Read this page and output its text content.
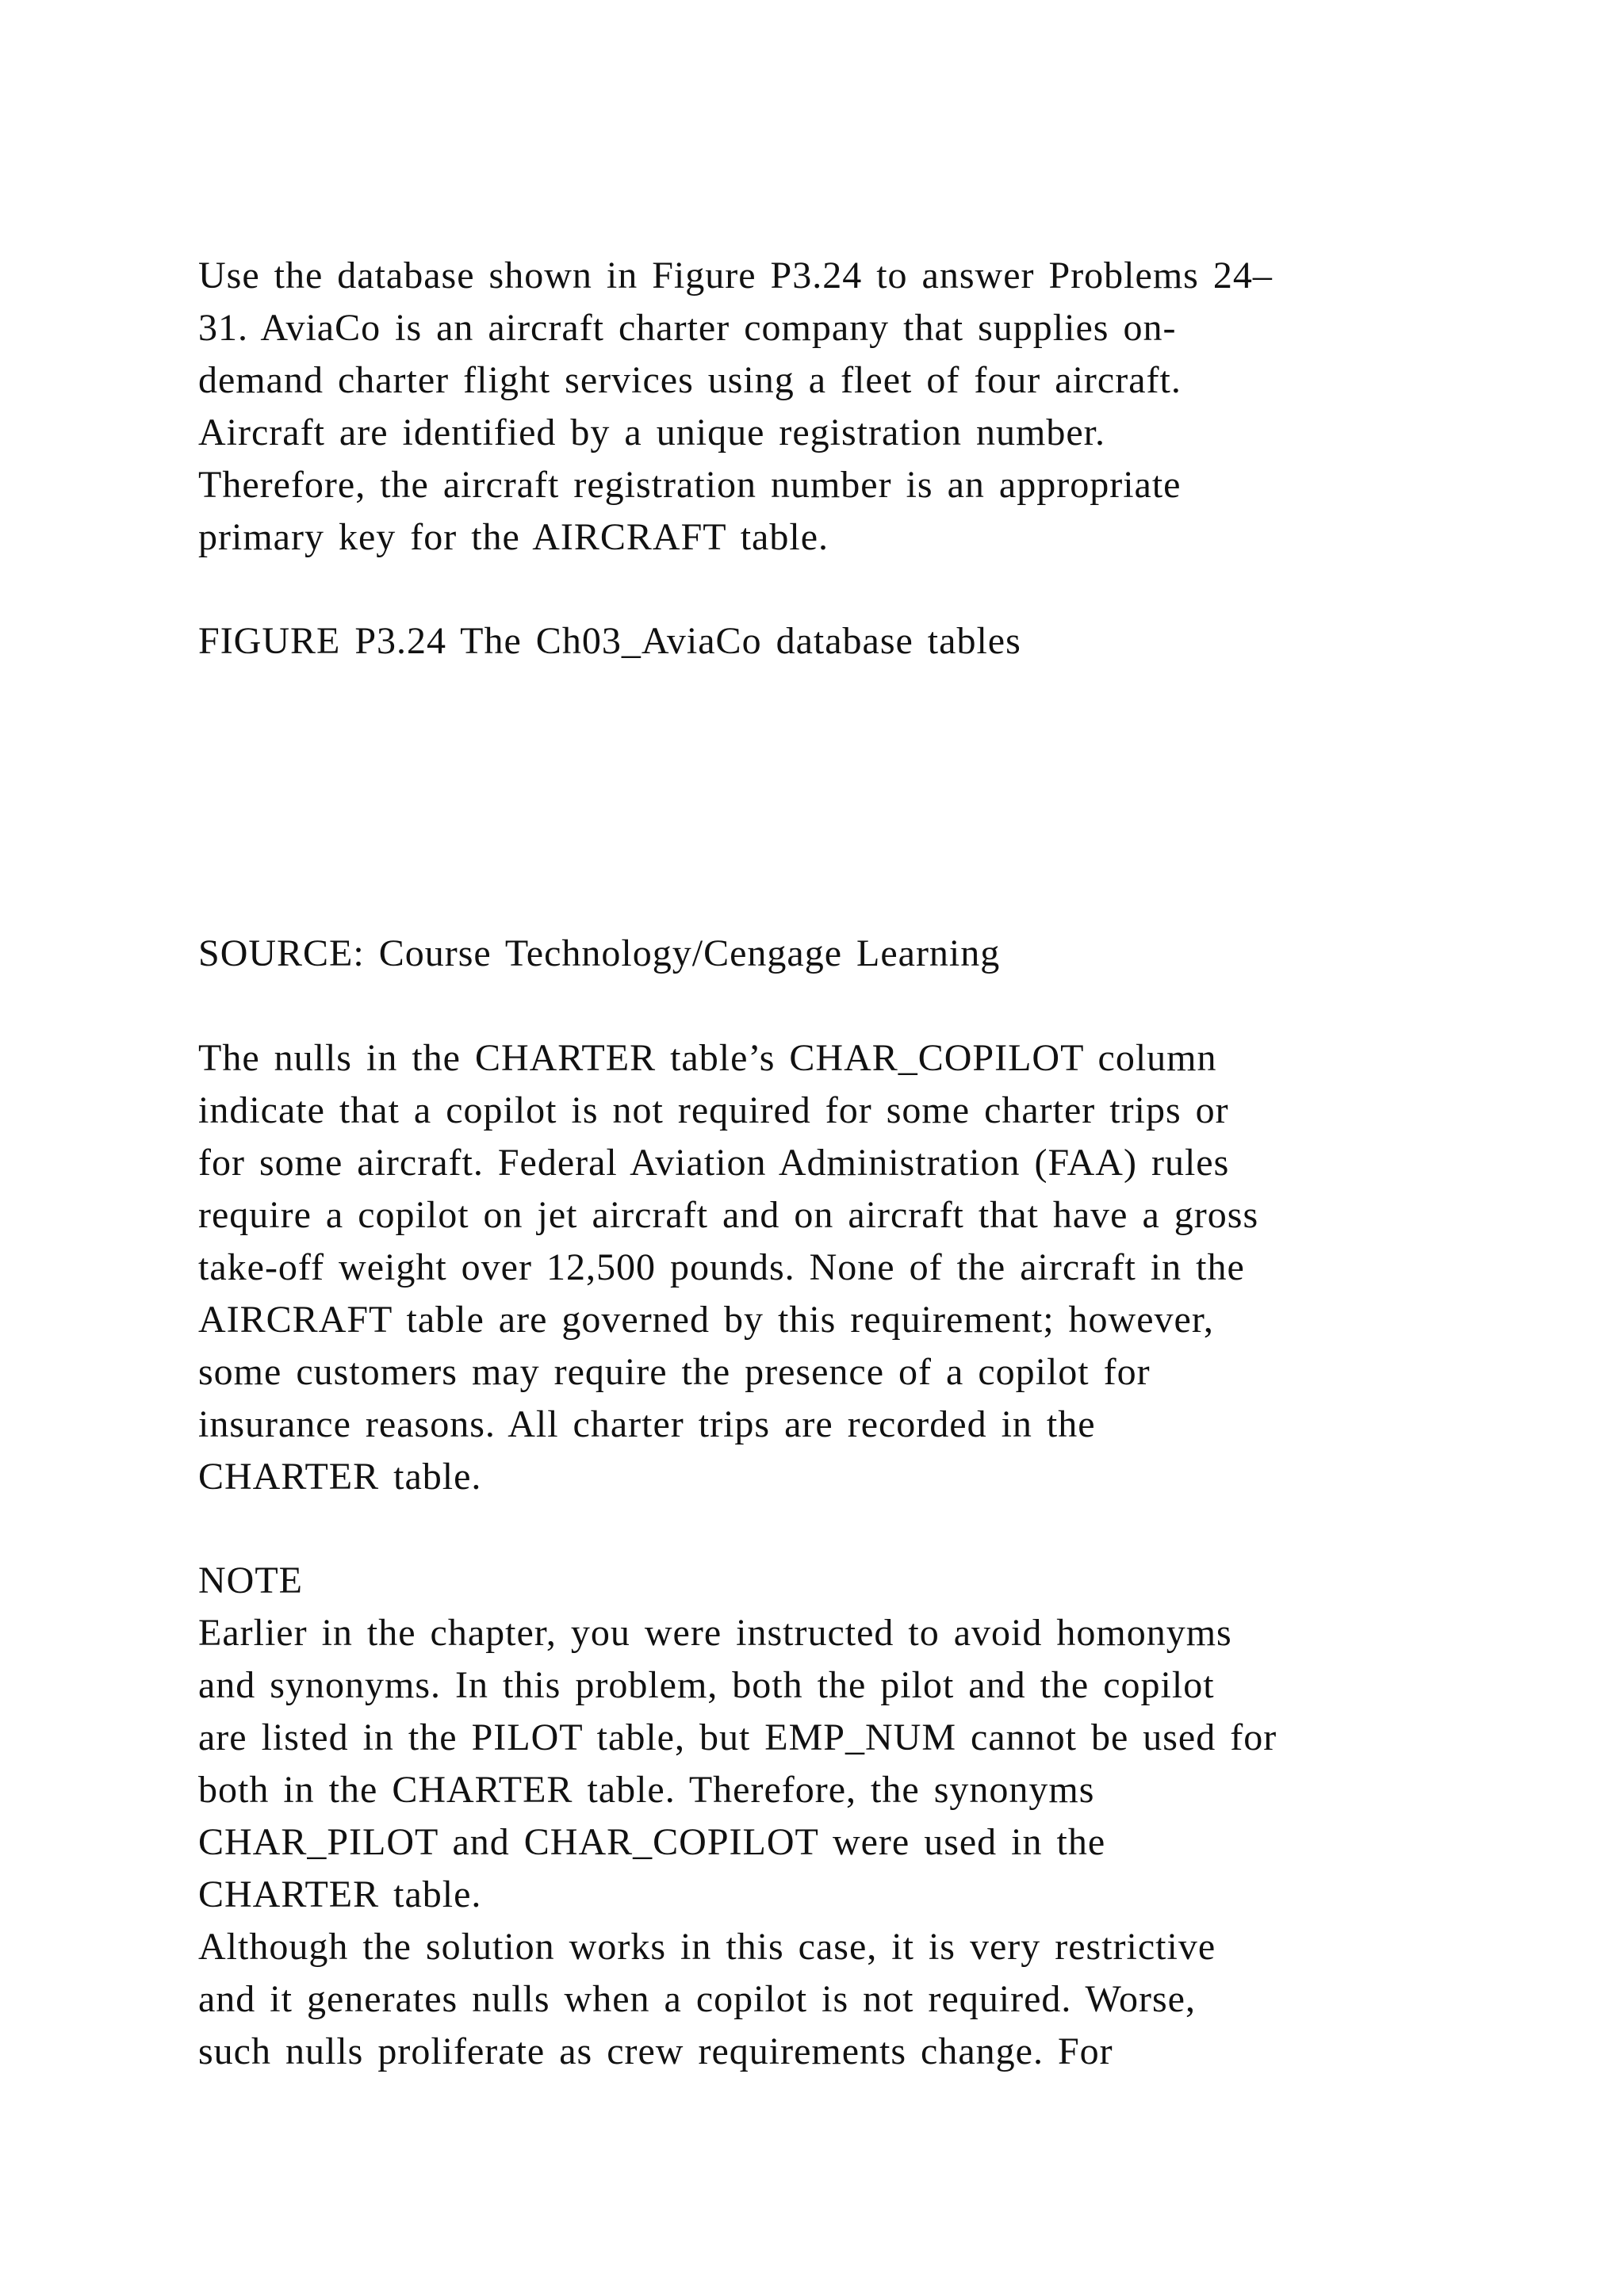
Use the database shown in Figure P3.24 to answer Problems 24–
31. AviaCo is an aircraft charter company that supplies on-
demand charter flight services using a fleet of four aircraft.
Aircraft are identified by a unique registration number.
Therefore, the aircraft registration number is an appropriate
primary key for the AIRCRAFT table.
FIGURE P3.24 The Ch03_AviaCo database tables
SOURCE: Course Technology/Cengage Learning
The nulls in the CHARTER table’s CHAR_COPILOT column
indicate that a copilot is not required for some charter trips or
for some aircraft. Federal Aviation Administration (FAA) rules
require a copilot on jet aircraft and on aircraft that have a gross
take-off weight over 12,500 pounds. None of the aircraft in the
AIRCRAFT table are governed by this requirement; however,
some customers may require the presence of a copilot for
insurance reasons. All charter trips are recorded in the
CHARTER table.
NOTE
Earlier in the chapter, you were instructed to avoid homonyms
and synonyms. In this problem, both the pilot and the copilot
are listed in the PILOT table, but EMP_NUM cannot be used for
both in the CHARTER table. Therefore, the synonyms
CHAR_PILOT and CHAR_COPILOT were used in the
CHARTER table.
Although the solution works in this case, it is very restrictive
and it generates nulls when a copilot is not required. Worse,
such nulls proliferate as crew requirements change. For
